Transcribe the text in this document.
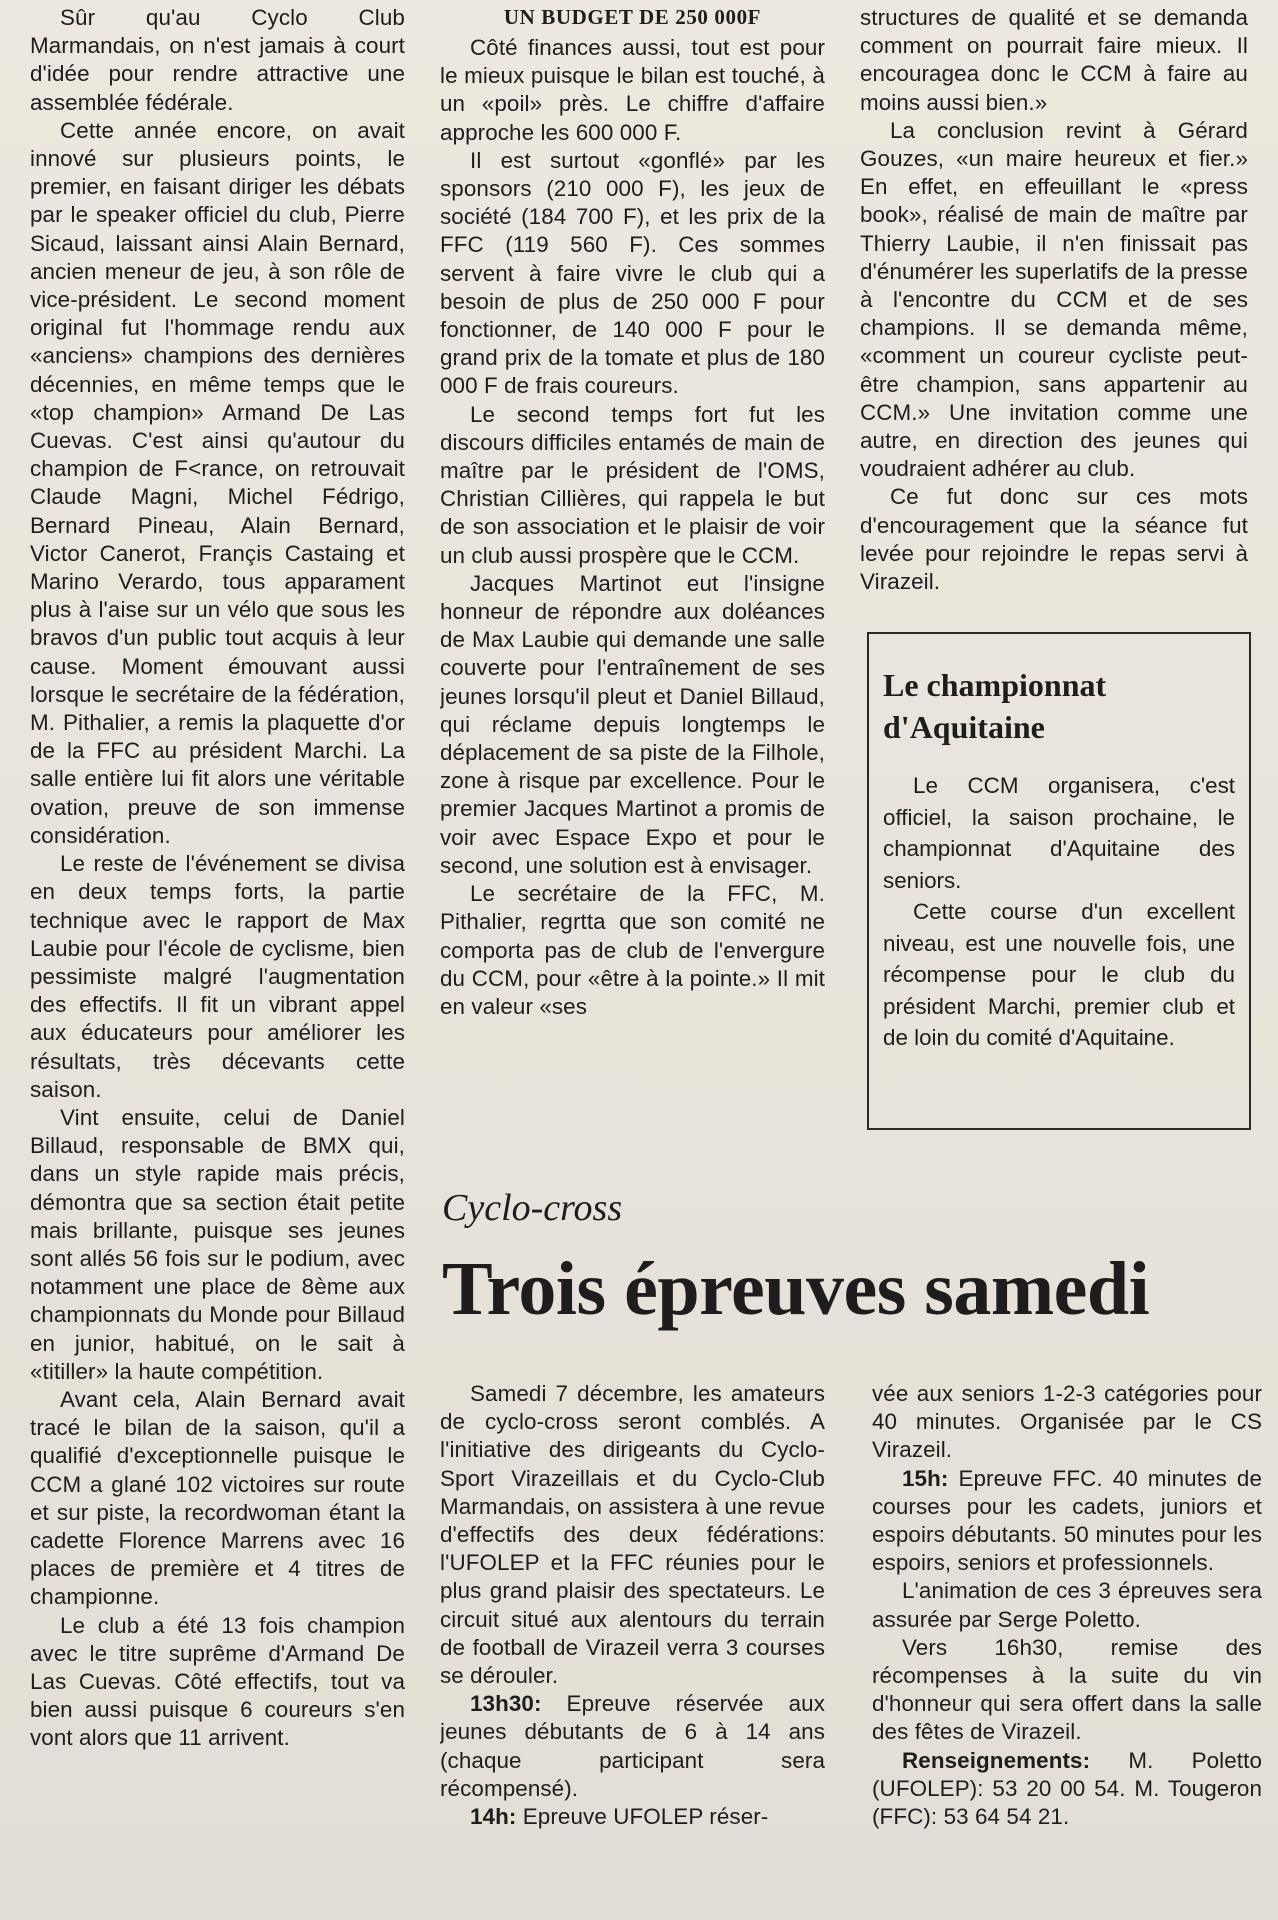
Sûr qu'au Cyclo Club Marmandais, on n'est jamais à court d'idée pour rendre attractive une assemblée fédérale.

Cette année encore, on avait innové sur plusieurs points, le premier, en faisant diriger les débats par le speaker officiel du club, Pierre Sicaud, laissant ainsi Alain Bernard, ancien meneur de jeu, à son rôle de vice-président. Le second moment original fut l'hommage rendu aux «anciens» champions des dernières décennies, en même temps que le «top champion» Armand De Las Cuevas. C'est ainsi qu'autour du champion de F<rance, on retrouvait Claude Magni, Michel Fédrigo, Bernard Pineau, Alain Bernard, Victor Canerot, Françis Castaing et Marino Verardo, tous apparament plus à l'aise sur un vélo que sous les bravos d'un public tout acquis à leur cause. Moment émouvant aussi lorsque le secrétaire de la fédération, M. Pithalier, a remis la plaquette d'or de la FFC au président Marchi. La salle entière lui fit alors une véritable ovation, preuve de son immense considération.

Le reste de l'événement se divisa en deux temps forts, la partie technique avec le rapport de Max Laubie pour l'école de cyclisme, bien pessimiste malgré l'augmentation des effectifs. Il fit un vibrant appel aux éducateurs pour améliorer les résultats, très décevants cette saison.

Vint ensuite, celui de Daniel Billaud, responsable de BMX qui, dans un style rapide mais précis, démontra que sa section était petite mais brillante, puisque ses jeunes sont allés 56 fois sur le podium, avec notamment une place de 8ème aux championnats du Monde pour Billaud en junior, habitué, on le sait à «titiller» la haute compétition.

Avant cela, Alain Bernard avait tracé le bilan de la saison, qu'il a qualifié d'exceptionnelle puisque le CCM a glané 102 victoires sur route et sur piste, la recordwoman étant la cadette Florence Marrens avec 16 places de première et 4 titres de championne.

Le club a été 13 fois champion avec le titre suprême d'Armand De Las Cuevas. Côté effectifs, tout va bien aussi puisque 6 coureurs s'en vont alors que 11 arrivent.

UN BUDGET DE 250 000F

Côté finances aussi, tout est pour le mieux puisque le bilan est touché, à un «poil» près. Le chiffre d'affaire approche les 600 000 F.

Il est surtout «gonflé» par les sponsors (210 000 F), les jeux de société (184 700 F), et les prix de la FFC (119 560 F). Ces sommes servent à faire vivre le club qui a besoin de plus de 250 000 F pour fonctionner, de 140 000 F pour le grand prix de la tomate et plus de 180 000 F de frais coureurs.

Le second temps fort fut les discours difficiles entamés de main de maître par le président de l'OMS, Christian Cillières, qui rappela le but de son association et le plaisir de voir un club aussi prospère que le CCM.

Jacques Martinot eut l'insigne honneur de répondre aux doléances de Max Laubie qui demande une salle couverte pour l'entraînement de ses jeunes lorsqu'il pleut et Daniel Billaud, qui réclame depuis longtemps le déplacement de sa piste de la Filhole, zone à risque par excellence. Pour le premier Jacques Martinot a promis de voir avec Espace Expo et pour le second, une solution est à envisager.

Le secrétaire de la FFC, M. Pithalier, regrtta que son comité ne comporta pas de club de l'envergure du CCM, pour «être à la pointe.» Il mit en valeur «ses

structures de qualité et se demanda comment on pourrait faire mieux. Il encouragea donc le CCM à faire au moins aussi bien.»

La conclusion revint à Gérard Gouzes, «un maire heureux et fier.» En effet, en effeuillant le «press book», réalisé de main de maître par Thierry Laubie, il n'en finissait pas d'énumérer les superlatifs de la presse à l'encontre du CCM et de ses champions. Il se demanda même, «comment un coureur cycliste peut-être champion, sans appartenir au CCM.» Une invitation comme une autre, en direction des jeunes qui voudraient adhérer au club.

Ce fut donc sur ces mots d'encouragement que la séance fut levée pour rejoindre le repas servi à Virazeil.

Le championnat d'Aquitaine

Le CCM organisera, c'est officiel, la saison prochaine, le championnat d'Aquitaine des seniors.

Cette course d'un excellent niveau, est une nouvelle fois, une récompense pour le club du président Marchi, premier club et de loin du comité d'Aquitaine.

Cyclo-cross
Trois épreuves samedi

Samedi 7 décembre, les amateurs de cyclo-cross seront comblés. A l'initiative des dirigeants du Cyclo-Sport Virazeillais et du Cyclo-Club Marmandais, on assistera à une revue d'effectifs des deux fédérations: l'UFOLEP et la FFC réunies pour le plus grand plaisir des spectateurs. Le circuit situé aux alentours du terrain de football de Virazeil verra 3 courses se dérouler.

13h30: Epreuve réservée aux jeunes débutants de 6 à 14 ans (chaque participant sera récompensé).

14h: Epreuve UFOLEP réser-

vée aux seniors 1-2-3 catégories pour 40 minutes. Organisée par le CS Virazeil.

15h: Epreuve FFC. 40 minutes de courses pour les cadets, juniors et espoirs débutants. 50 minutes pour les espoirs, seniors et professionnels.

L'animation de ces 3 épreuves sera assurée par Serge Poletto.

Vers 16h30, remise des récompenses à la suite du vin d'honneur qui sera offert dans la salle des fêtes de Virazeil.

Renseignements: M. Poletto (UFOLEP): 53 20 00 54. M. Tougeron (FFC): 53 64 54 21.
